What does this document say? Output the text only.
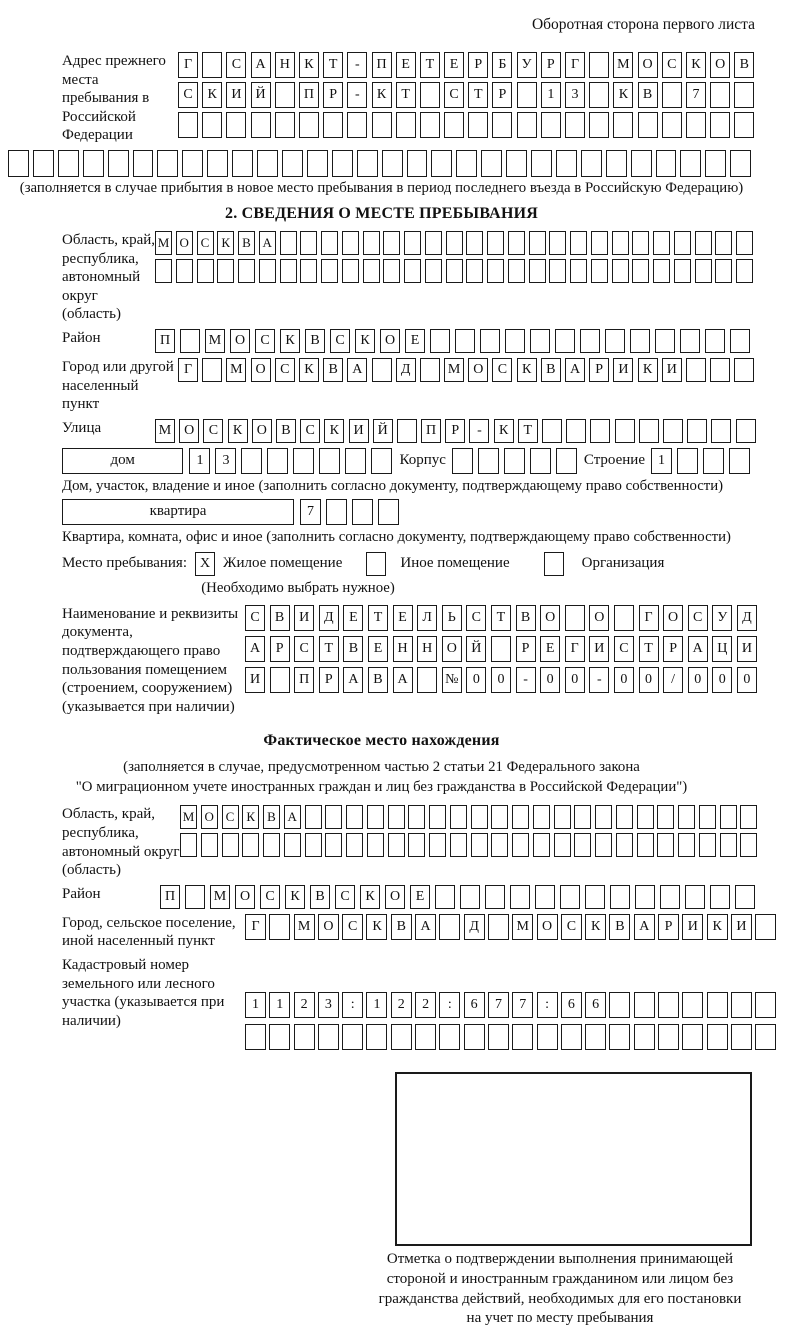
Оборотная сторона первого листа
Адрес прежнего места пребывания в Российской Федерации
Г	С	А	Н	К	Т	-	П	Е	Т	Е	Р	Б	У	Р	Г	М О	С	К	О	В
С	К	И	Й	П	Р	-	К	Т	С	Т	Р	1	3	К	В	7
(заполняется в случае прибытия в новое место пребывания в период последнего въезда в Российскую Федерацию)
2. СВЕДЕНИЯ О МЕСТЕ ПРЕБЫВАНИЯ
Область, край, республика, автономный округ (область)
М О С К В А
Район	П	М О	С	К	В	С	К	О	Е
Город или другой населенный пункт
Г	М О	С	К	В	А	Д	М О	С	К	В	А	Р	И	К	И
Улица	М О	С	К	О	В	С	К	И	Й	П	Р	-	К	Т
дом	1	3	Корпус	Строение 1
Дом, участок, владение и иное (заполнить согласно документу, подтверждающему право собственности)
квартира	7
Квартира, комната, офис и иное (заполнить согласно документу, подтверждающему право собственности)
Место пребывания: X Жилое помещение	Иное помещение	Организация
(Необходимо выбрать нужное)
Наименование и реквизиты документа, подтверждающего право пользования помещением (строением, сооружением) (указывается при наличии)
С	В	И	Д	Е	Т	Е	Л	Ь	С	Т	В	О	О	Г	О	С	У	Д
А	Р	С	Т	В	Е	Н	Н	О	Й	Р	Е	Г	И	С	Т	Р	А	Ц	И
И	П	Р	А	В	А	№	0	0	-	0	0	-	0	0	/	0	0	0
Фактическое место нахождения
(заполняется в случае, предусмотренном частью 2 статьи 21 Федерального закона
"О миграционном учете иностранных граждан и лиц без гражданства в Российской Федерации")
Область, край, республика, автономный округ (область)
М О С К В А
Район	П	М О	С	К	В	С	К	О	Е
Город, сельское поселение, иной населенный пункт
Г	М О	С	К	В	А	Д	М О	С	К	В	А	Р	И	К	И
Кадастровый номер земельного или лесного участка (указывается при наличии)
1	1	2	3	:	1	2	2	:	6	7	7	:	6	6
Отметка о подтверждении выполнения принимающей
стороной и иностранным гражданином или лицом без
гражданства действий, необходимых для его постановки
на учет по месту пребывания
